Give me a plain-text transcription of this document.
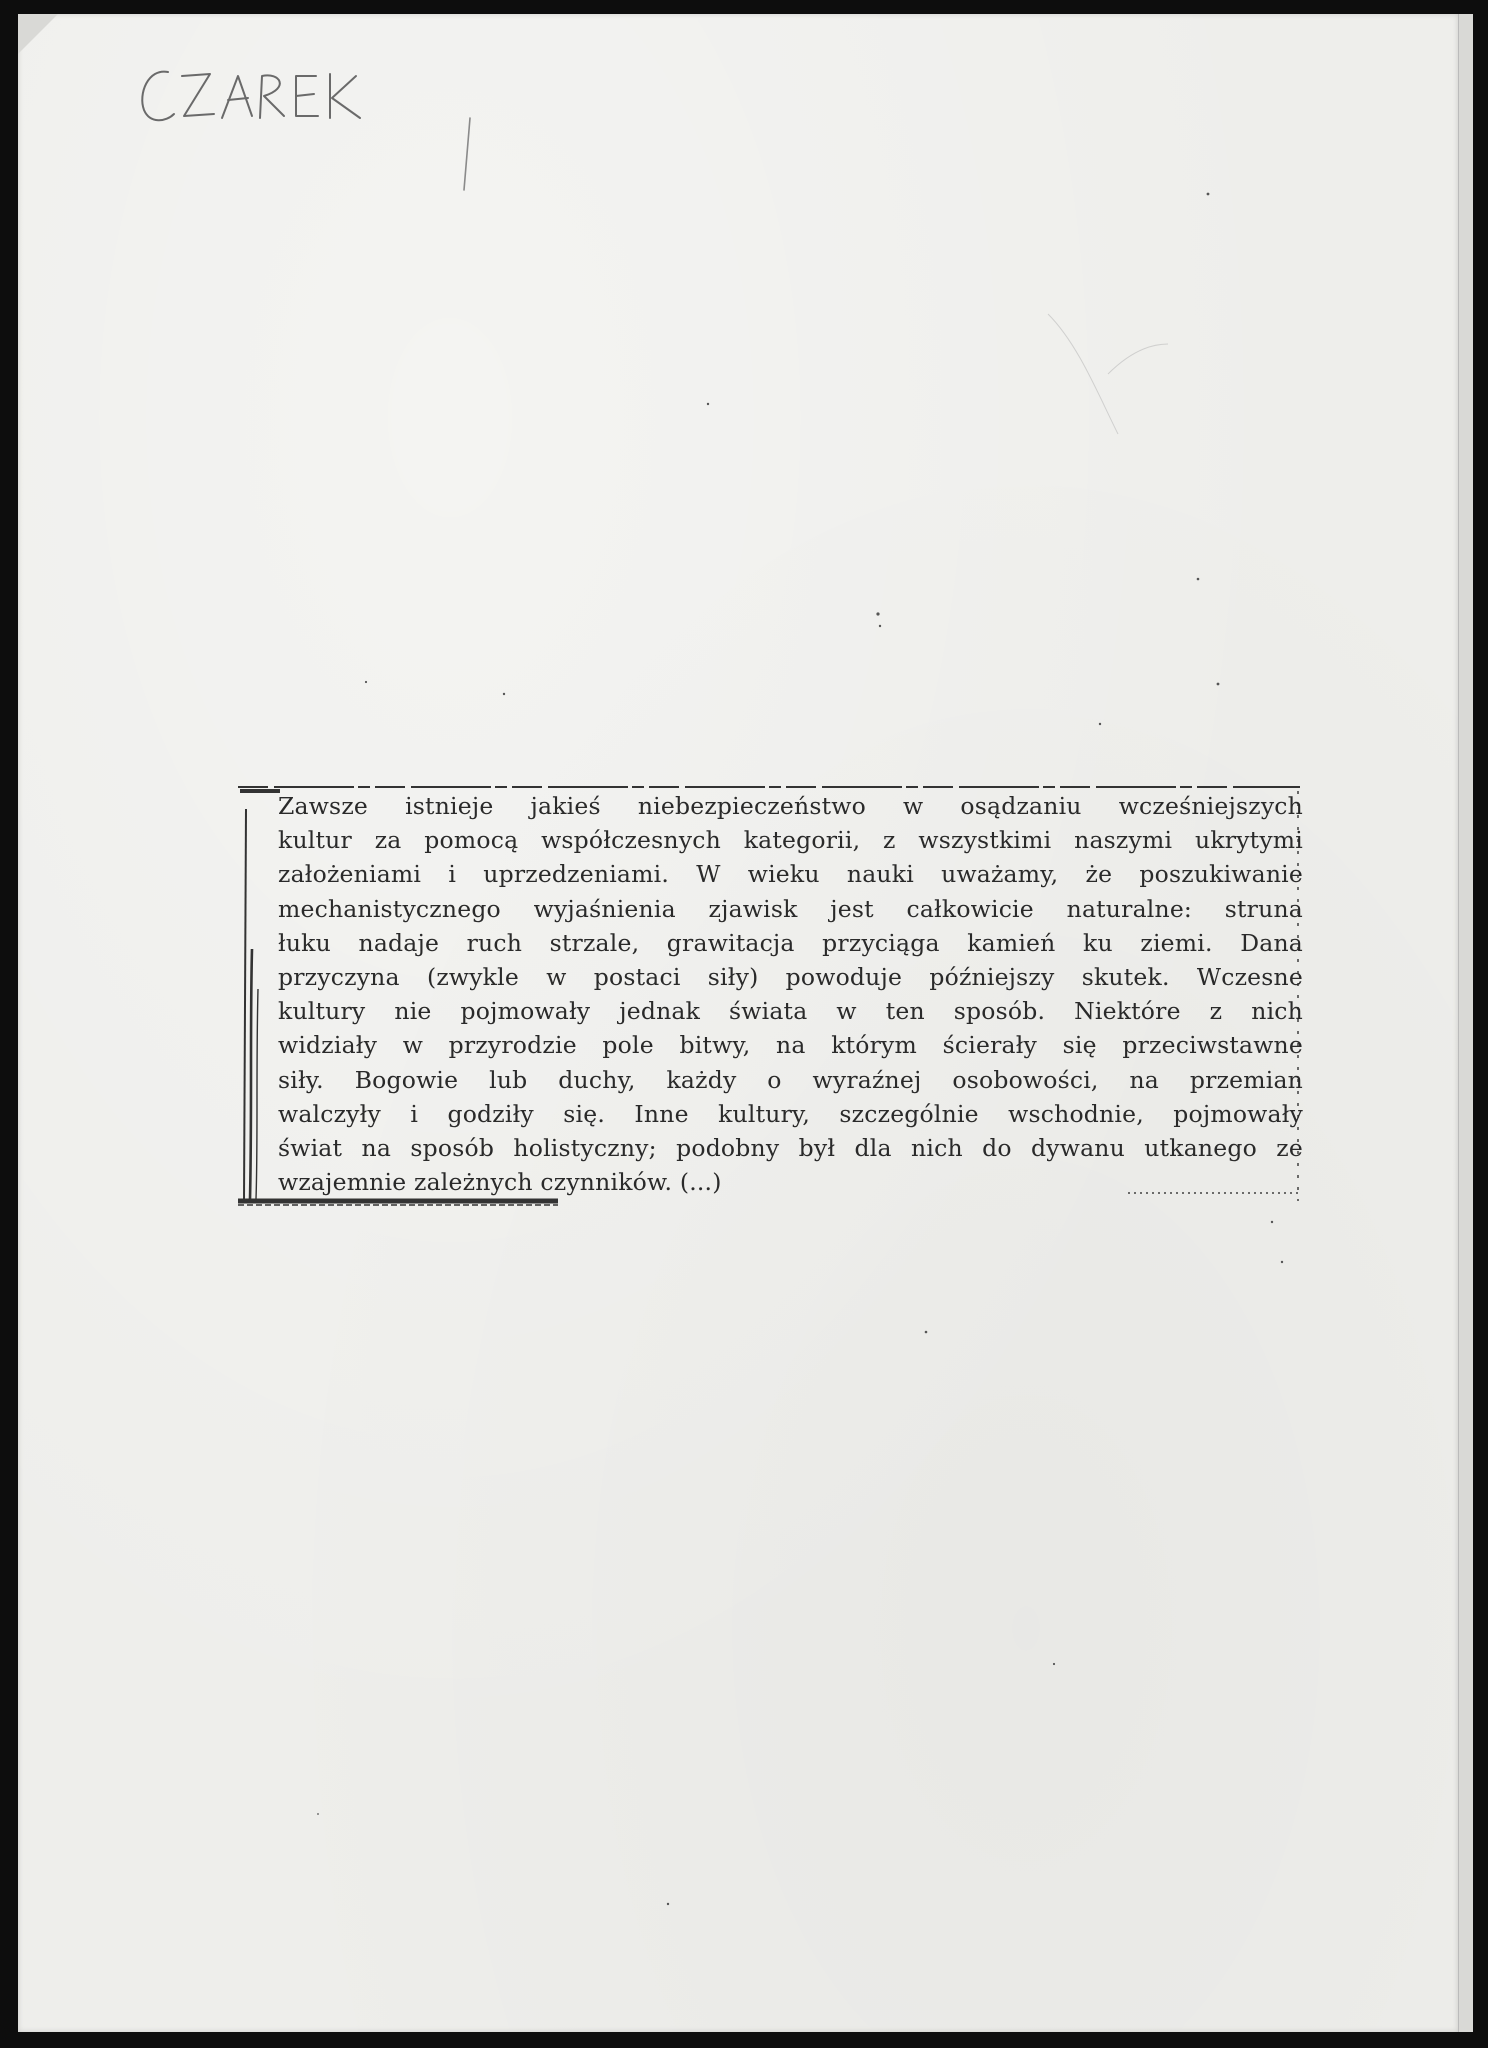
Zawsze istnieje jakieś niebezpieczeństwo w osądzaniu wcześniejszych
kultur za pomocą współczesnych kategorii, z wszystkimi naszymi ukrytymi
założeniami i uprzedzeniami. W wieku nauki uważamy, że poszukiwanie
mechanistycznego wyjaśnienia zjawisk jest całkowicie naturalne: struna
łuku nadaje ruch strzale, grawitacja przyciąga kamień ku ziemi. Dana
przyczyna (zwykle w postaci siły) powoduje późniejszy skutek. Wczesne
kultury nie pojmowały jednak świata w ten sposób. Niektóre z nich
widziały w przyrodzie pole bitwy, na którym ścierały się przeciwstawne
siły. Bogowie lub duchy, każdy o wyraźnej osobowości, na przemian
walczyły i godziły się. Inne kultury, szczególnie wschodnie, pojmowały
świat na sposób holistyczny; podobny był dla nich do dywanu utkanego ze
wzajemnie zależnych czynników. (...)
